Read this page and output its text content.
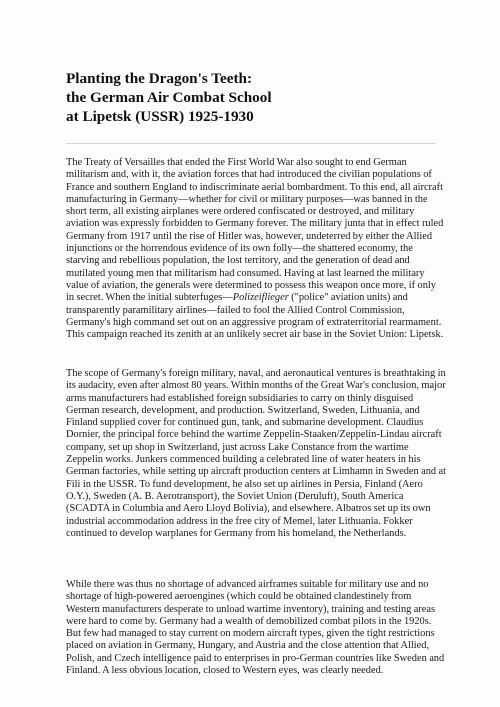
Planting the Dragon's Teeth:
the German Air Combat School
at Lipetsk (USSR) 1925-1930

The Treaty of Versailles that ended the First World War also sought to end German militarism and, with it, the aviation forces that had introduced the civilian populations of France and southern England to indiscriminate aerial bombardment. To this end, all aircraft manufacturing in Germany—whether for civil or military purposes—was banned in the short term, all existing airplanes were ordered confiscated or destroyed, and military aviation was expressly forbidden to Germany forever. The military junta that in effect ruled Germany from 1917 until the rise of Hitler was, however, undeterred by either the Allied injunctions or the horrendous evidence of its own folly—the shattered economy, the starving and rebellious population, the lost territory, and the generation of dead and mutilated young men that militarism had consumed. Having at last learned the military value of aviation, the generals were determined to possess this weapon once more, if only in secret. When the initial subterfuges—Polizeiflieger ("police" aviation units) and transparently paramilitary airlines—failed to fool the Allied Control Commission, Germany's high command set out on an aggressive program of extraterritorial rearmament. This campaign reached its zenith at an unlikely secret air base in the Soviet Union: Lipetsk.

The scope of Germany's foreign military, naval, and aeronautical ventures is breathtaking in its audacity, even after almost 80 years. Within months of the Great War's conclusion, major arms manufacturers had established foreign subsidiaries to carry on thinly disguised German research, development, and production. Switzerland, Sweden, Lithuania, and Finland supplied cover for continued gun, tank, and submarine development. Claudius Dornier, the principal force behind the wartime Zeppelin-Staaken/Zeppelin-Lindau aircraft company, set up shop in Switzerland, just across Lake Constance from the wartime Zeppelin works. Junkers commenced building a celebrated line of water heaters in his German factories, while setting up aircraft production centers at Limhamn in Sweden and at Fili in the USSR. To fund development, he also set up airlines in Persia, Finland (Aero O.Y.), Sweden (A. B. Aerotransport), the Soviet Union (Deruluft), South America (SCADTA in Columbia and Aero Lloyd Bolivia), and elsewhere. Albatros set up its own industrial accommodation address in the free city of Memel, later Lithuania. Fokker continued to develop warplanes for Germany from his homeland, the Netherlands.

While there was thus no shortage of advanced airframes suitable for military use and no shortage of high-powered aeroengines (which could be obtained clandestinely from Western manufacturers desperate to unload wartime inventory), training and testing areas were hard to come by. Germany had a wealth of demobilized combat pilots in the 1920s. But few had managed to stay current on modern aircraft types, given the tight restrictions placed on aviation in Germany, Hungary, and Austria and the close attention that Allied, Polish, and Czech intelligence paid to enterprises in pro-German countries like Sweden and Finland. A less obvious location, closed to Western eyes, was clearly needed.
